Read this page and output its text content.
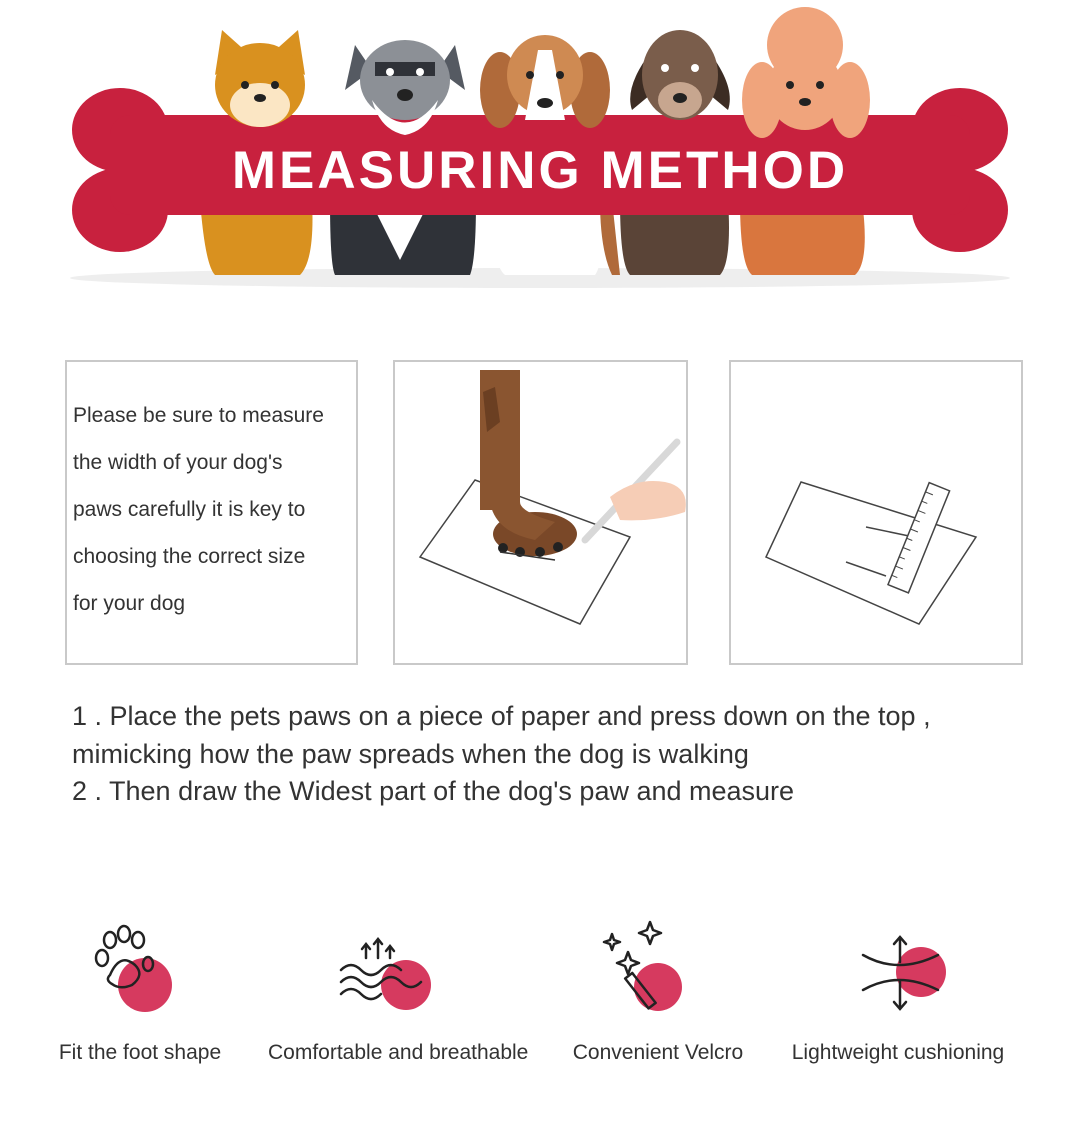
MEASURING METHOD
Please be sure to measure
the width of your dog's
paws carefully it is key to
choosing the correct size
for your dog
1 . Place the pets paws on a piece of paper and press down on the top ,
mimicking how the paw spreads when the dog is walking
2 . Then draw the Widest part of the dog's paw and measure
Fit the foot shape	Comfortable and breathable	Convenient Velcro	Lightweight cushioning
